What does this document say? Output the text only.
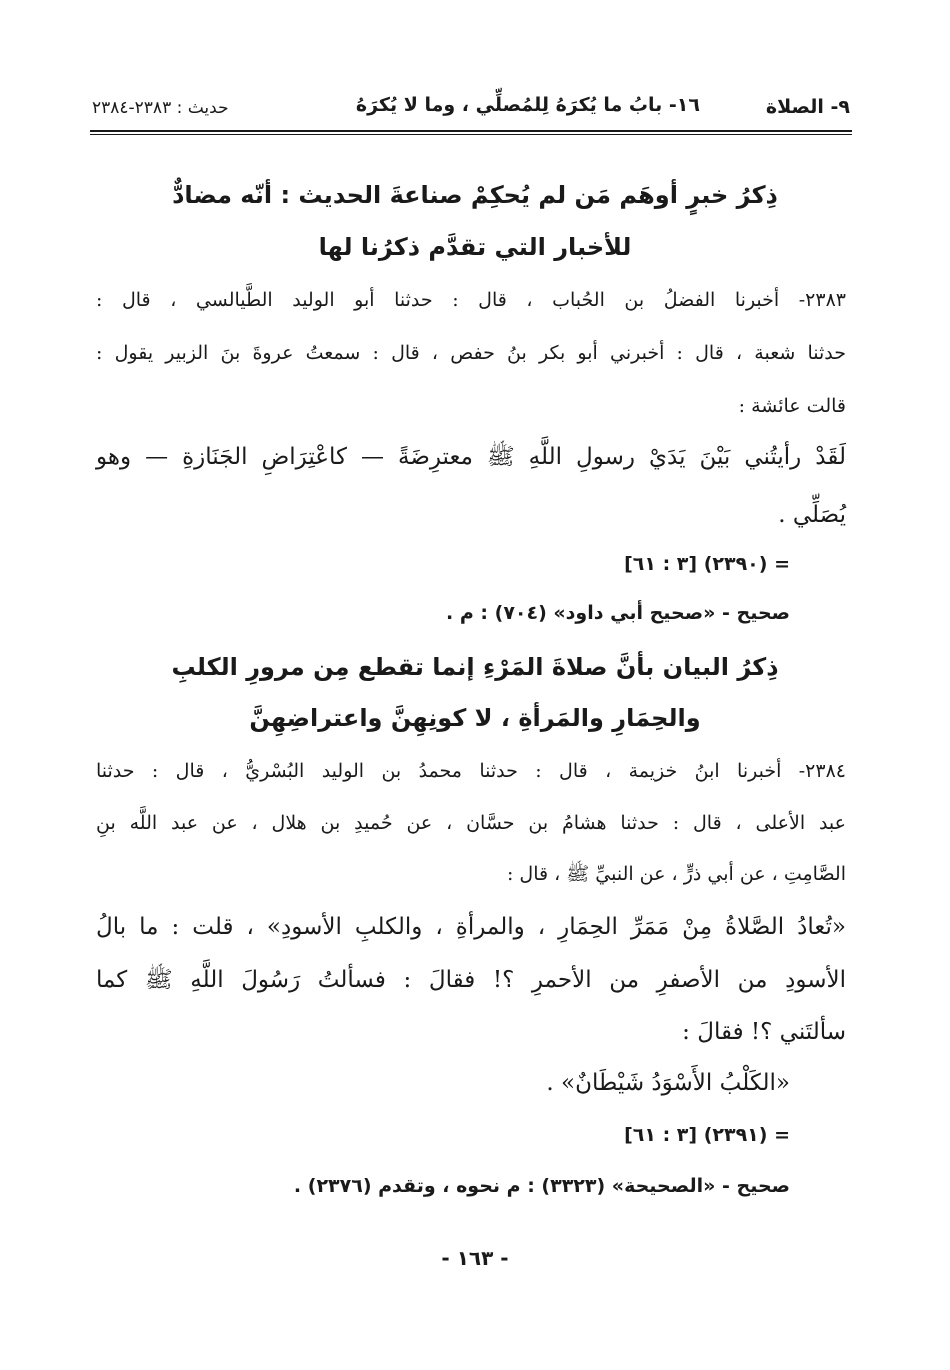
٩- الصلاة
١٦- بابُ ما يُكرَهُ لِلمُصلِّي ، وما لا يُكرَهُ
حديث : ٢٣٨٣-٢٣٨٤
ذِكرُ خبرٍ أوهَم مَن لم يُحكِمْ صناعةَ الحديث : أنّه مضادٌّ
للأخبار التي تقدَّم ذكرُنا لها
٢٣٨٣- أخبرنا الفضلُ بن الحُباب ، قال : حدثنا أبو الوليد الطَّيالسي ، قال :
حدثنا شعبة ، قال : أخبرني أبو بكر بنُ حفص ، قال : سمعتُ عروةَ بنَ الزبير يقول :
قالت عائشة :
لَقَدْ رأيتُني بَيْنَ يَدَيْ رسولِ اللَّهِ ﷺ معترِضَةً — كاعْتِرَاضِ الجَنَازةِ — وهو
يُصَلِّي .
= (٢٣٩٠) [٣ : ٦١]
صحيح - «صحيح أبي داود» (٧٠٤) : م .
ذِكرُ البيان بأنَّ صلاةَ المَرْءِ إنما تقطع مِن مرورِ الكلبِ
والحِمَارِ والمَرأةِ ، لا كونِهِنَّ واعتراضِهِنَّ
٢٣٨٤- أخبرنا ابنُ خزيمة ، قال : حدثنا محمدُ بن الوليد البُسْريُّ ، قال : حدثنا
عبد الأعلى ، قال : حدثنا هشامُ بن حسَّان ، عن حُميدِ بن هلال ، عن عبد اللَّه بنِ
الصَّامِتِ ، عن أبي ذرٍّ ، عن النبيِّ ﷺ ، قال :
«تُعادُ الصَّلاةُ مِنْ مَمَرِّ الحِمَارِ ، والمرأةِ ، والكلبِ الأسودِ» ، قلت : ما بالُ
الأسودِ من الأصفرِ من الأحمرِ ؟! فقالَ : فسألتُ رَسُولَ اللَّهِ ﷺ كما
سألتَني ؟! فقالَ :
«الكَلْبُ الأَسْوَدُ شَيْطَانٌ» .
= (٢٣٩١) [٣ : ٦١]
صحيح - «الصحيحة» (٣٣٢٣) : م نحوه ، وتقدم (٢٣٧٦) .
- ١٦٣ -
